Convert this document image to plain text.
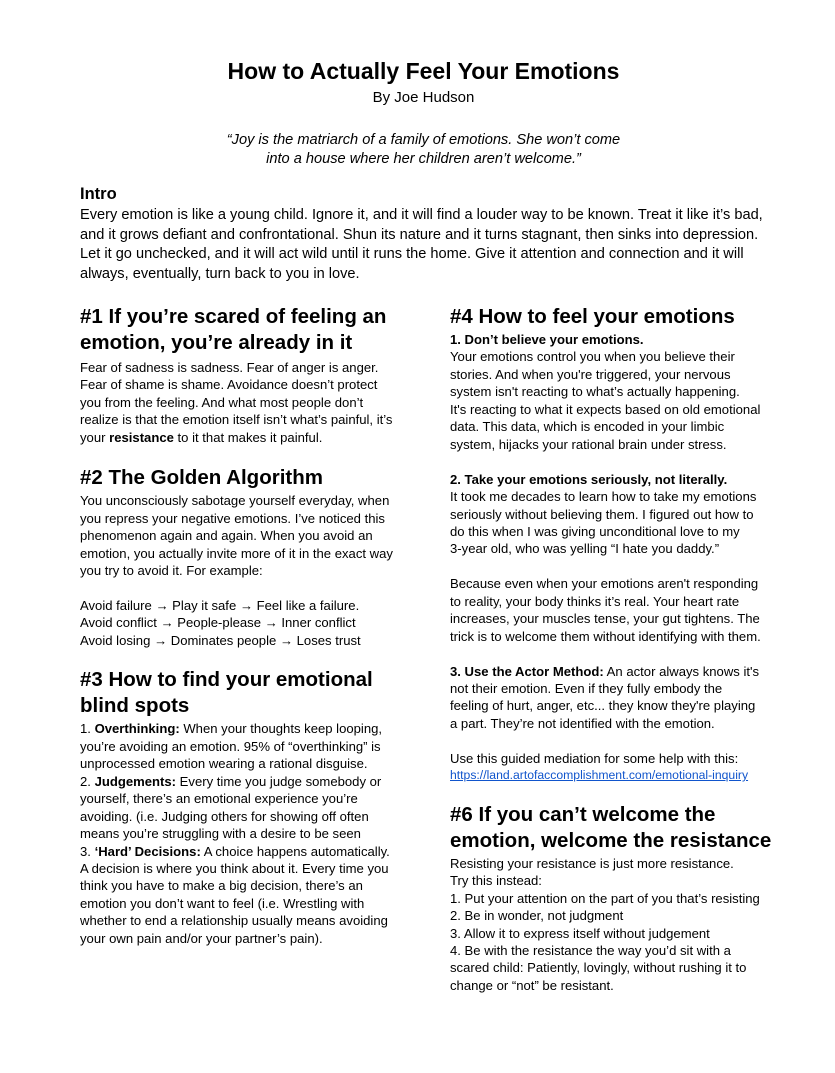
How to Actually Feel Your Emotions

By Joe Hudson

“Joy is the matriarch of a family of emotions. She won’t come
into a house where her children aren’t welcome.”

Intro

Every emotion is like a young child. Ignore it, and it will find a louder way to be known. Treat it like it’s bad,
and it grows defiant and confrontational. Shun its nature and it turns stagnant, then sinks into depression.
Let it go unchecked, and it will act wild until it runs the home. Give it attention and connection and it will
always, eventually, turn back to you in love.

#1 If you’re scared of feeling an
emotion, you’re already in it

Fear of sadness is sadness. Fear of anger is anger.
Fear of shame is shame. Avoidance doesn’t protect
you from the feeling. And what most people don’t
realize is that the emotion itself isn’t what’s painful, it’s
your resistance to it that makes it painful.

#2 The Golden Algorithm

You unconsciously sabotage yourself everyday, when
you repress your negative emotions. I’ve noticed this
phenomenon again and again. When you avoid an
emotion, you actually invite more of it in the exact way
you try to avoid it. For example:
Avoid failure → Play it safe → Feel like a failure.
Avoid conflict → People-please → Inner conflict
Avoid losing → Dominates people → Loses trust

#3 How to find your emotional
blind spots

1. Overthinking: When your thoughts keep looping,
you’re avoiding an emotion. 95% of “overthinking” is
unprocessed emotion wearing a rational disguise.
2. Judgements: Every time you judge somebody or
yourself, there’s an emotional experience you’re
avoiding. (i.e. Judging others for showing off often
means you’re struggling with a desire to be seen
3. ‘Hard’ Decisions: A choice happens automatically.
A decision is where you think about it. Every time you
think you have to make a big decision, there’s an
emotion you don’t want to feel (i.e. Wrestling with
whether to end a relationship usually means avoiding
your own pain and/or your partner’s pain).

#4 How to feel your emotions

1. Don’t believe your emotions.
Your emotions control you when you believe their
stories. And when you're triggered, your nervous
system isn't reacting to what’s actually happening.
It's reacting to what it expects based on old emotional
data. This data, which is encoded in your limbic
system, hijacks your rational brain under stress.
2. Take your emotions seriously, not literally.
It took me decades to learn how to take my emotions
seriously without believing them. I figured out how to
do this when I was giving unconditional love to my
3-year old, who was yelling “I hate you daddy.”
Because even when your emotions aren't responding
to reality, your body thinks it’s real. Your heart rate
increases, your muscles tense, your gut tightens. The
trick is to welcome them without identifying with them.
3. Use the Actor Method: An actor always knows it's
not their emotion. Even if they fully embody the
feeling of hurt, anger, etc... they know they're playing
a part. They’re not identified with the emotion.
Use this guided mediation for some help with this:
https://land.artofaccomplishment.com/emotional-inquiry

#6 If you can’t welcome the
emotion, welcome the resistance

Resisting your resistance is just more resistance.
Try this instead:
1. Put your attention on the part of you that’s resisting
2. Be in wonder, not judgment
3. Allow it to express itself without judgement
4. Be with the resistance the way you’d sit with a
scared child: Patiently, lovingly, without rushing it to
change or “not” be resistant.
